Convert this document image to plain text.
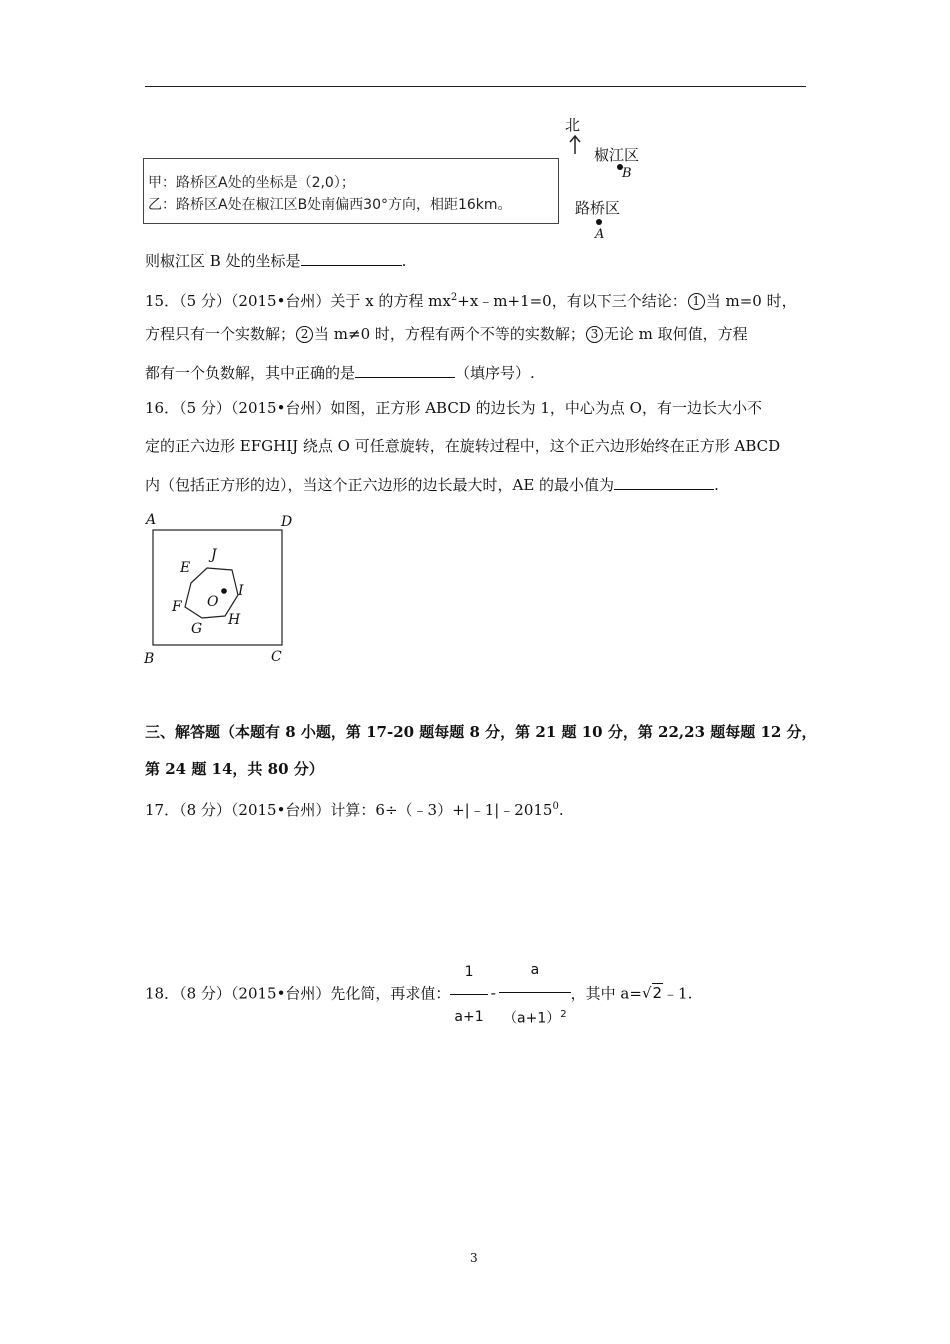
北
椒江区
B
路桥区
A
甲：路桥区A处的坐标是（2,0）；
乙：路桥区A处在椒江区B处南偏西30°方向，相距16km。
则椒江区 B 处的坐标是	.
15．（5 分）（2015•台州）关于 x 的方程 $mx^2+x﹣m+1=0$，有以下三个结论： 1 当 m=0 时，
方程只有一个实数解； 2 当 m≠0 时，方程有两个不等的实数解； 3 无论 m 取何值，方程
都有一个负数解，其中正确的是	（填序号）.
16．（5 分）（2015•台州）如图，正方形 ABCD 的边长为 1，中心为点 O，有一边长大小不
定的正六边形 EFGHIJ 绕点 O 可任意旋转，在旋转过程中，这个正六边形始终在正方形 ABCD
内（包括正方形的边），当这个正六边形的边长最大时，AE 的最小值为	.
A	D
B	C
E
J
F O
I
G
H
三、解答题（本题有 8 小题，第 17-20 题每题 8 分，第 21 题 10 分，第 22,23 题每题 12 分，
第 24 题 14，共 80 分）
17．（8 分）（2015•台州）计算：$6\div(﹣3)+|﹣1|﹣2015^0$.
18．（8 分）（2015•台州）先化简，再求值： $\frac{1}{a+1} - \frac{a}{(a+1)^2}$ ，其中 a=√2﹣1.
3
